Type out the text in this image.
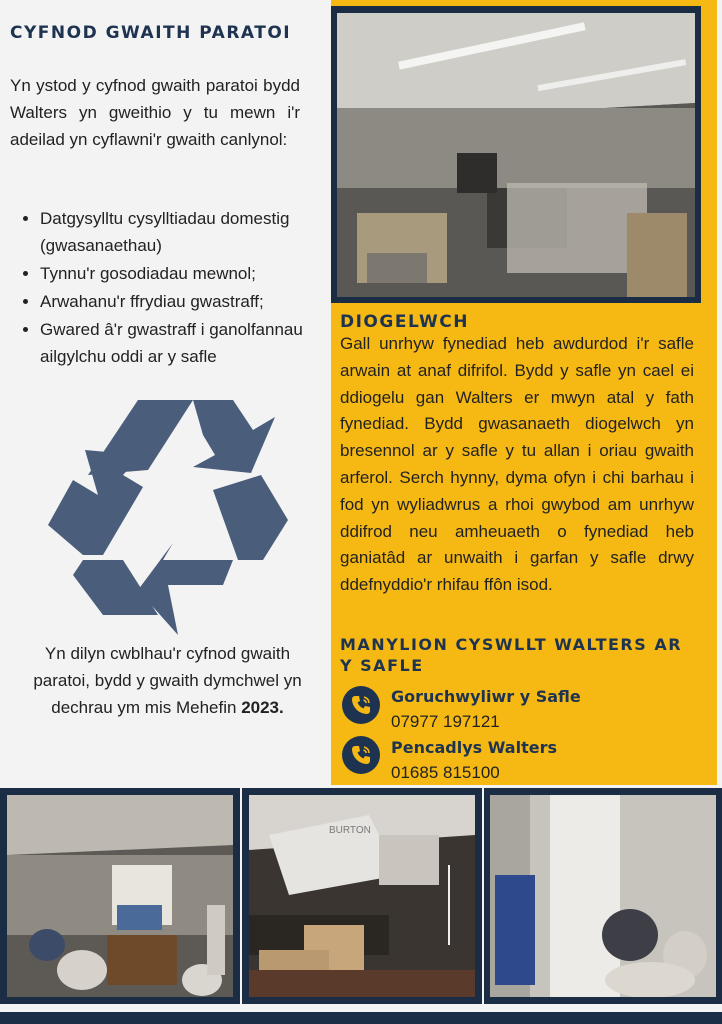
CYFNOD GWAITH PARATOI
Yn ystod y cyfnod gwaith paratoi bydd Walters yn gweithio y tu mewn i'r adeilad yn cyflawni'r gwaith canlynol:
• Datgysylltu cysylltiadau domestig (gwasanaethau)
• Tynnu'r gosodiadau mewnol;
• Arwahanu'r ffrydiau gwastraff;
• Gwared â'r gwastraff i ganolfannau ailgylchu oddi ar y safle
Yn dilyn cwblhau'r cyfnod gwaith paratoi, bydd y gwaith dymchwel yn dechrau ym mis Mehefin 2023.
DIOGELWCH
Gall unrhyw fynediad heb awdurdod i'r safle arwain at anaf difrifol. Bydd y safle yn cael ei ddiogelu gan Walters er mwyn atal y fath fynediad. Bydd gwasanaeth diogelwch yn bresennol ar y safle y tu allan i oriau gwaith arferol. Serch hynny, dyma ofyn i chi barhau i fod yn wyliadwrus a rhoi gwybod am unrhyw ddifrod neu amheuaeth o fynediad heb ganiatâd ar unwaith i garfan y safle drwy ddefnyddio'r rhifau ffôn isod.
MANYLION CYSWLLT WALTERS AR Y SAFLE
Goruchwyliwr y Safle
07977 197121
Pencadlys Walters
01685 815100
BURTON
